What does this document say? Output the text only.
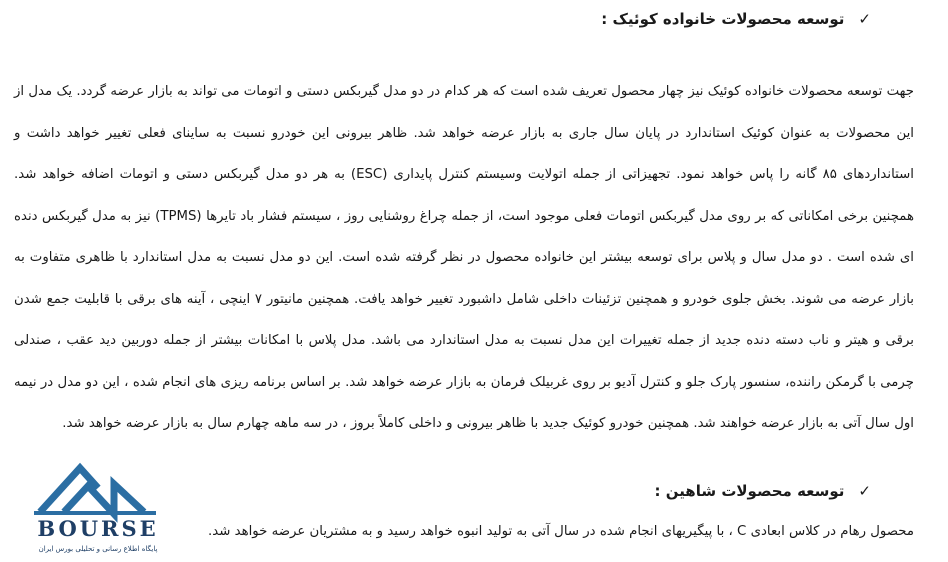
✓
توسعه محصولات خانواده کوئیک :
جهت توسعه محصولات خانواده کوئیک نیز چهار محصول تعریف شده است که هر کدام در دو مدل گیربکس دستی و اتومات می تواند به بازار عرضه گردد. یک مدل از این محصولات به عنوان کوئیک استاندارد در پایان سال جاری به بازار عرضه خواهد شد. ظاهر بیرونی این خودرو نسبت به ساینای فعلی تغییر خواهد داشت و استانداردهای ۸۵ گانه را پاس خواهد نمود. تجهیزاتی از جمله اتولایت وسیستم کنترل پایداری (ESC) به هر دو مدل گیربکس دستی و اتومات اضافه خواهد شد. همچنین برخی امکاناتی که بر روی مدل گیربکس اتومات فعلی موجود است، از جمله چراغ روشنایی روز ، سیستم فشار باد تایرها (TPMS) نیز به مدل گیربکس دنده ای شده است . دو مدل سال و پلاس برای توسعه بیشتر این خانواده محصول در نظر گرفته شده است. این دو مدل نسبت به مدل استاندارد با ظاهری متفاوت به بازار عرضه می شوند. بخش جلوی خودرو و همچنین تزئینات داخلی شامل داشبورد تغییر خواهد یافت. همچنین مانیتور ۷ اینچی ، آینه های برقی با قابلیت جمع شدن برقی و هیتر و ناب دسته دنده جدید از جمله تغییرات این مدل نسبت به مدل استاندارد می باشد. مدل پلاس با امکانات بیشتر از جمله دوربین دید عقب ، صندلی چرمی با گرمکن راننده، سنسور پارک جلو و کنترل آدیو بر روی غربیلک فرمان به بازار عرضه خواهد شد. بر اساس برنامه ریزی های انجام شده ، این دو مدل در نیمه اول سال آتی به بازار عرضه خواهند شد. همچنین خودرو کوئیک جدید با ظاهر بیرونی و داخلی کاملاً بروز ، در سه ماهه چهارم سال به بازار عرضه خواهد شد.
✓
توسعه محصولات شاهین :
محصول رهام در کلاس ابعادی C ، با پیگیریهای انجام شده در سال آتی به تولید انبوه خواهد رسید و به مشتریان عرضه خواهد شد.
BOURSE
پایگاه اطلاع رسانی و تحلیلی بورس ایران
